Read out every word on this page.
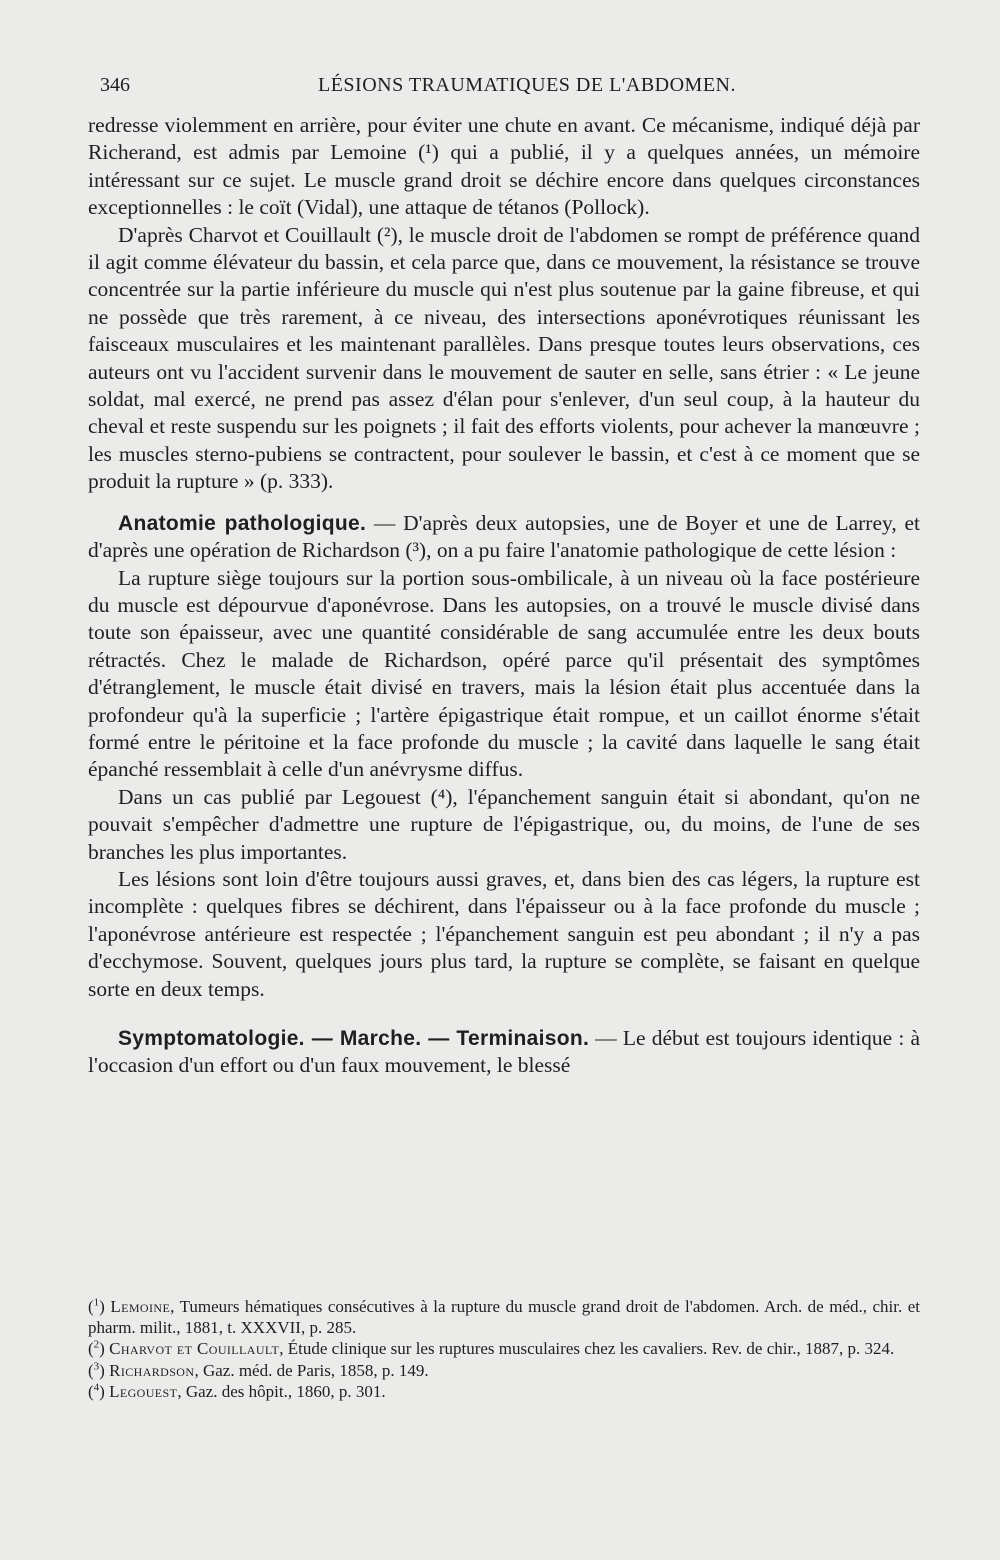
346	LÉSIONS TRAUMATIQUES DE L'ABDOMEN.

redresse violemment en arrière, pour éviter une chute en avant. Ce mécanisme, indiqué déjà par Richerand, est admis par Lemoine (¹) qui a publié, il y a quelques années, un mémoire intéressant sur ce sujet. Le muscle grand droit se déchire encore dans quelques circonstances exceptionnelles : le coït (Vidal), une attaque de tétanos (Pollock).

D'après Charvot et Couillault (²), le muscle droit de l'abdomen se rompt de préférence quand il agit comme élévateur du bassin, et cela parce que, dans ce mouvement, la résistance se trouve concentrée sur la partie inférieure du muscle qui n'est plus soutenue par la gaine fibreuse, et qui ne possède que très rarement, à ce niveau, des intersections aponévrotiques réunissant les faisceaux musculaires et les maintenant parallèles. Dans presque toutes leurs observations, ces auteurs ont vu l'accident survenir dans le mouvement de sauter en selle, sans étrier : « Le jeune soldat, mal exercé, ne prend pas assez d'élan pour s'enlever, d'un seul coup, à la hauteur du cheval et reste suspendu sur les poignets ; il fait des efforts violents, pour achever la manœuvre ; les muscles sterno-pubiens se contractent, pour soulever le bassin, et c'est à ce moment que se produit la rupture » (p. 333).

Anatomie pathologique. — D'après deux autopsies, une de Boyer et une de Larrey, et d'après une opération de Richardson (³), on a pu faire l'anatomie pathologique de cette lésion :

La rupture siège toujours sur la portion sous-ombilicale, à un niveau où la face postérieure du muscle est dépourvue d'aponévrose. Dans les autopsies, on a trouvé le muscle divisé dans toute son épaisseur, avec une quantité considérable de sang accumulée entre les deux bouts rétractés. Chez le malade de Richardson, opéré parce qu'il présentait des symptômes d'étranglement, le muscle était divisé en travers, mais la lésion était plus accentuée dans la profondeur qu'à la superficie ; l'artère épigastrique était rompue, et un caillot énorme s'était formé entre le péritoine et la face profonde du muscle ; la cavité dans laquelle le sang était épanché ressemblait à celle d'un anévrysme diffus.

Dans un cas publié par Legouest (⁴), l'épanchement sanguin était si abondant, qu'on ne pouvait s'empêcher d'admettre une rupture de l'épigastrique, ou, du moins, de l'une de ses branches les plus importantes.

Les lésions sont loin d'être toujours aussi graves, et, dans bien des cas légers, la rupture est incomplète : quelques fibres se déchirent, dans l'épaisseur ou à la face profonde du muscle ; l'aponévrose antérieure est respectée ; l'épanchement sanguin est peu abondant ; il n'y a pas d'ecchymose. Souvent, quelques jours plus tard, la rupture se complète, se faisant en quelque sorte en deux temps.

Symptomatologie. — Marche. — Terminaison. — Le début est toujours identique : à l'occasion d'un effort ou d'un faux mouvement, le blessé

($^1$) Lemoine, Tumeurs hématiques consécutives à la rupture du muscle grand droit de l'abdomen. Arch. de méd., chir. et pharm. milit., 1881, t. XXXVII, p. 285.

($^2$) Charvot et Couillault, Étude clinique sur les ruptures musculaires chez les cavaliers. Rev. de chir., 1887, p. 324.

($^3$) Richardson, Gaz. méd. de Paris, 1858, p. 149.

($^4$) Legouest, Gaz. des hôpit., 1860, p. 301.
